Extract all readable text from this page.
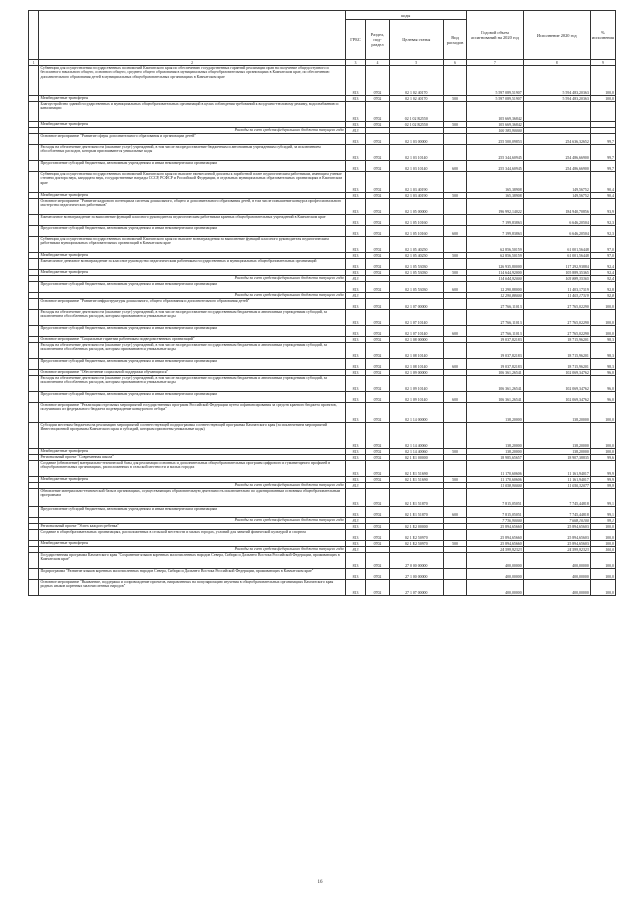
		коды				Годовой объем ассигнований на 2020 год	Исполнение 2020 год	% исполнения
		ГРБС	Раздел, под-раздел	Целевая статья	Вид расходов			
1	2	3	4	5	6	7	8	9
	Субвенции для осуществления государственных полномочий Камчатского края по обеспечению государственных гарантий реализации прав на получение общедоступного и бесплатного начального общего, основного общего, среднего общего образования в муниципальных общеобразовательных организациях в Камчатском крае, по обеспечению дополнительного образования детей в муниципальных общеобразовательных организациях в Камчатском крае	813	0702	02 1 02 40170		5 597 089,51907	5 594 483,20363	100,0
	Межбюджетные трансферты	813	0702	02 1 02 40170	500	5 597 089,51907	5 594 483,20363	100,0
	Благоустройство зданий государственных и муниципальных общеобразовательных организаций в целях соблюдения требований к воздушно-тепловому режиму, водоснабжению и канализации	813	0702	02 1 02 R2550		105 669,36842		
	Межбюджетные трансферты	813	0702	02 1 02 R2550	500	105 669,36842		
	Расходы за счет средств федерального бюджета текущего года	813				100 385,90000		
	Основное мероприятие "Развитие сферы дополнительного образования и организации детей"	813	0702	02 1 03 00000		255 500,09853	254 636,32652	99,7
	Расходы на обеспечение деятельности (оказание услуг) учреждений, в том числе на предоставление бюджетным и автономным учреждениям субсидий, за исключением обособленных расходов, которым присваиваются уникальные коды	813	0702	02 1 03 10140		255 344,60945	254 486,66900	99,7
	Предоставление субсидий бюджетным, автономным учреждениям и иным некоммерческим организациям	813	0702	02 1 03 10140	600	255 344,60945	254 486,66900	99,7
	Субвенции для осуществления государственных полномочий Камчатского края по выплате ежемесячной доплаты к заработной плате педагогическим работникам, имеющим ученые степени доктора наук, кандидата наук, государственные награды СССР, РСФСР и Российской Федерации, в отдельных муниципальных образовательных организациях в Камчатском крае	813	0702	02 1 03 40190		165,38908	149,56752	90,4
	Межбюджетные трансферты	813	0702	02 1 03 40190	500	165,38908	149,56752	90,4
	Основное мероприятие "Развитие кадрового потенциала системы дошкольного, общего и дополнительного образования детей, в том числе повышение конкурса профессионального мастерства педагогических работников"	813	0702	02 1 05 00000		196 992,14022	184 940,70856	93,9
	Ежемесячное вознаграждение за выполнение функций классного руководителя педагогическим работникам краевых общеобразовательных учреждений в Камчатском крае	813	0702	02 1 05 10160		7 199,83863	6 646,20504	92,3
	Предоставление субсидий бюджетным, автономным учреждениям и иным некоммерческим организациям	813	0702	02 1 05 10160	600	7 199,83863	6 646,20504	92,3
	Субвенции для осуществления государственных полномочий Камчатского края по выплате вознаграждения за выполнение функций классного руководителя педагогическим работникам муниципальных образовательных организаций в Камчатском крае	813	0702	02 1 05 40250		62 856,50159	61 001,56448	97,0
	Межбюджетные трансферты	813	0702	02 1 05 40250	500	62 856,50159	61 001,56448	97,0
	Ежемесячное денежное вознаграждение за классное руководство педагогическим работникам государственных и муниципальных общеобразовательных организаций	813	0702	02 1 05 53030		126 935,80000	117 292,93884	92,4
	Межбюджетные трансферты	813	0702	02 1 05 53030	500	114 644,92000	105 889,35365	92,4
	Расходы за счет средств федерального бюджета текущего года	813				114 644,92000	105 889,35365	92,4
	Предоставление субсидий бюджетным, автономным учреждениям и иным некоммерческим организациям	813	0702	02 1 05 53030	600	12 290,88000	11 403,17319	92,8
	Расходы за счет средств федерального бюджета текущего года	813				12 290,88000	11 403,17319	92,8
	Основное мероприятие "Развитие инфраструктуры дошкольного, общего образования и дополнительного образования детей"	813	0702	02 1 07 00000		27 766,11013	27 765,02290	100,0
	Расходы на обеспечение деятельности (оказание услуг) учреждений, в том числе на предоставление государственным бюджетным и автономным учреждениям субсидий, за исключением обособленных расходов, которым присваиваются уникальные коды	813	0702	02 1 07 10140		27 766,11013	27 765,02290	100,0
	Предоставление субсидий бюджетным, автономным учреждениям и иным некоммерческим организациям	813	0702	02 1 07 10140	600	27 766,11013	27 765,02290	100,0
	Основное мероприятие "Социальные гарантии работникам подведомственных организаций"	813	0702	02 1 08 00000		19 037,82183	18 715,96201	98,3
	Расходы на обеспечение деятельности (оказание услуг) учреждений, в том числе на предоставление государственным бюджетным и автономным учреждениям субсидий, за исключением обособленных расходов, которым присваиваются уникальные коды	813	0702	02 1 08 10140		19 037,82183	18 715,96201	98,3
	Предоставление субсидий бюджетным, автономным учреждениям и иным некоммерческим организациям	813	0702	02 1 08 10140	600	19 037,82183	18 715,96201	98,3
	Основное мероприятие "Обеспечение социальной поддержки обучающихся"	813	0702	02 1 09 00000		106 361,26541	102 069,34762	96,0
	Расходы на обеспечение деятельности (оказание услуг) учреждений, в том числе на предоставление государственным бюджетным и автономным учреждениям субсидий, за исключением обособленных расходов, которым присваиваются уникальные коды	813	0702	02 1 09 10140		106 361,26541	102 069,34762	96,0
	Предоставление субсидий бюджетным, автономным учреждениям и иным некоммерческим организациям	813	0702	02 1 09 10140	600	106 361,26541	102 069,34762	96,0
	Основное мероприятие "Реализация отдельных мероприятий государственных программ Российской Федерации путем софинансирования за средств краевого бюджета проектов, получивших из федерального бюджета подтверждение конкурсного отбора"	813	0702	02 1 14 00000		138,20000	138,20000	100,0
	Субсидии местным бюджетам на реализацию мероприятий соответствующей подпрограммы соответствующей программы Камчатского края (за исключением мероприятий Инвестиционной программы Камчатского края и субсидий, которым присвоены уникальные коды)	813	0702	02 1 14 40060		138,20000	138,20000	100,0
	Межбюджетные трансферты	813	0702	02 1 14 40060	500	138,20000	138,20000	100,0
	Региональный проект "Современная школа"	813	0702	02 1 E1 00000		18 985,65657	18 907,38835	99,6
	Создание (обновление) материально-технической базы для реализации основных и дополнительных общеобразовательных программ цифрового и гуманитарного профилей в общеобразовательных организациях, расположенных в сельской местности и малых городах	813	0702	02 1 E1 51690		11 170,60606	11 161,94017	99,9
	Межбюджетные трансферты	813	0702	02 1 E1 51690	500	11 170,60606	11 161,94017	99,9
	Расходы за счет средств федерального бюджета текущего года	813				11 058,90000	11 050,32077	99,9
	Обновление материально-технической базы в организациях, осуществляющих образовательную деятельность исключительно по адаптированным основным общеобразовательным программам	813	0702	02 1 E1 51870		7 815,05051	7 745,44818	99,1
	Предоставление субсидий бюджетным, автономным учреждениям и иным некоммерческим организациям	813	0702	02 1 E1 51870	600	7 815,05051	7 745,44818	99,1
	Расходы за счет средств федерального бюджета текущего года	813				7 736,90000	7 668,10100	99,1
	Региональный проект "Успех каждого ребенка"	813	0702	02 1 E2 00000		25 894,65660	25 894,65603	100,0
	Создание в общеобразовательных организациях, расположенных в сельской местности и малых городах, условий для занятий физической культурой и спортом	813	0702	02 1 E2 50970		25 894,65660	25 894,65603	100,0
	Межбюджетные трансферты	813	0702	02 1 E2 50970	500	25 894,65660	25 894,65603	100,0
	Расходы за счет средств федерального бюджета текущего года	813				24 599,92323	24 599,92323	100,0
	Государственная программа Камчатского края "Сохранение языков коренных малочисленных народов Севера, Сибири и Дальнего Востока Российской Федерации, проживающих в Камчатском крае"	813	0702	27 0 00 00000		400,00000	400,00000	100,0
	Подпрограмма "Развитие языков коренных малочисленных народов Севера, Сибири и Дальнего Востока Российской Федерации, проживающих в Камчатском крае"	813	0702	27 1 00 00000		400,00000	400,00000	100,0
	Основное мероприятие "Выявление, поддержка и сопровождение проектов, направленных на популяризацию изучения в общеобразовательных организациях Камчатского края родных языков коренных малочисленных народов"	813	0702	27 1 07 00000		400,00000	400,00000	100,0
16
